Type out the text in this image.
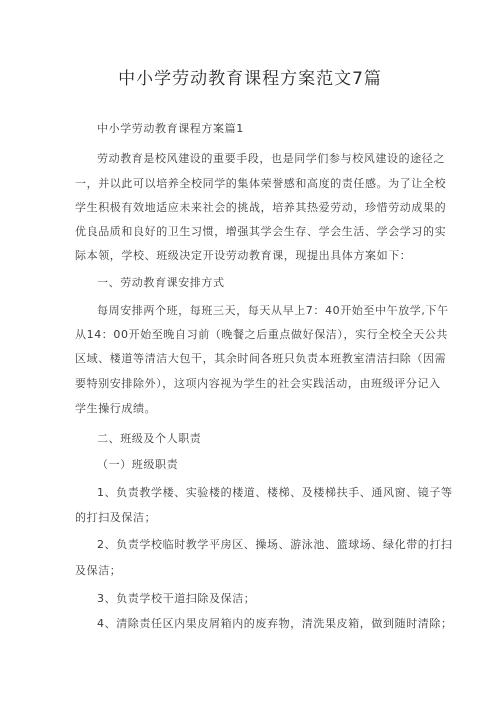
中小学劳动教育课程方案范文7篇
中小学劳动教育课程方案篇1
劳动教育是校风建设的重要手段，也是同学们参与校风建设的途径之
一，并以此可以培养全校同学的集体荣誉感和高度的责任感。为了让全校
学生积极有效地适应未来社会的挑战，培养其热爱劳动，珍惜劳动成果的
优良品质和良好的卫生习惯，增强其学会生存、学会生活、学会学习的实
际本领，学校、班级决定开设劳动教育课，现提出具体方案如下：
一、劳动教育课安排方式
每周安排两个班，每班三天，每天从早上7：40开始至中午放学,下午
从14：00开始至晚自习前（晚餐之后重点做好保洁），实行全校全天公共
区域、楼道等清洁大包干，其余时间各班只负责本班教室清洁扫除（因需
要特别安排除外），这项内容视为学生的社会实践活动，由班级评分记入
学生操行成绩。
二、班级及个人职责
（一）班级职责
1、负责教学楼、实验楼的楼道、楼梯、及楼梯扶手、通风窗、镜子等
的打扫及保洁；
2、负责学校临时教学平房区、操场、游泳池、篮球场、绿化带的打扫
及保洁；
3、负责学校干道扫除及保洁；
4、清除责任区内果皮屑箱内的废弃物，清洗果皮箱，做到随时清除；
